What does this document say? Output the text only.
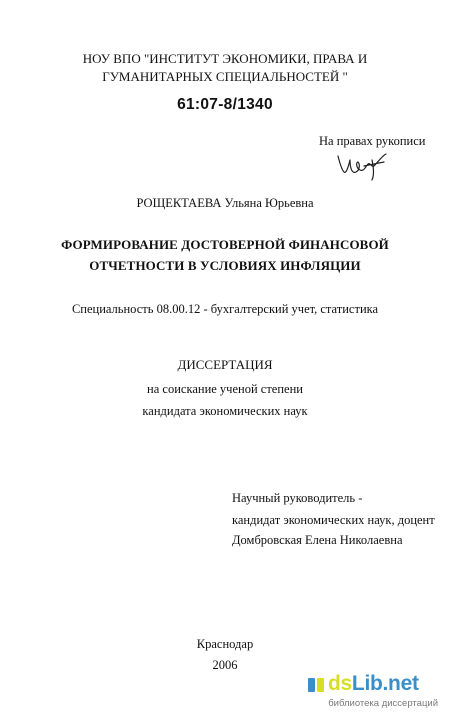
НОУ ВПО "ИНСТИТУТ ЭКОНОМИКИ, ПРАВА И
ГУМАНИТАРНЫХ СПЕЦИАЛЬНОСТЕЙ "
61:07-8/1340
На правах рукописи
РОЩЕКТАЕВА Ульяна Юрьевна
ФОРМИРОВАНИЕ ДОСТОВЕРНОЙ ФИНАНСОВОЙ
ОТЧЕТНОСТИ В УСЛОВИЯХ ИНФЛЯЦИИ
Специальность 08.00.12 - бухгалтерский учет, статистика
ДИССЕРТАЦИЯ
на соискание ученой степени
кандидата экономических наук
Научный руководитель -
кандидат экономических наук, доцент
Домбровская Елена Николаевна
Краснодар
2006
dsLib.net
библиотека диссертаций
